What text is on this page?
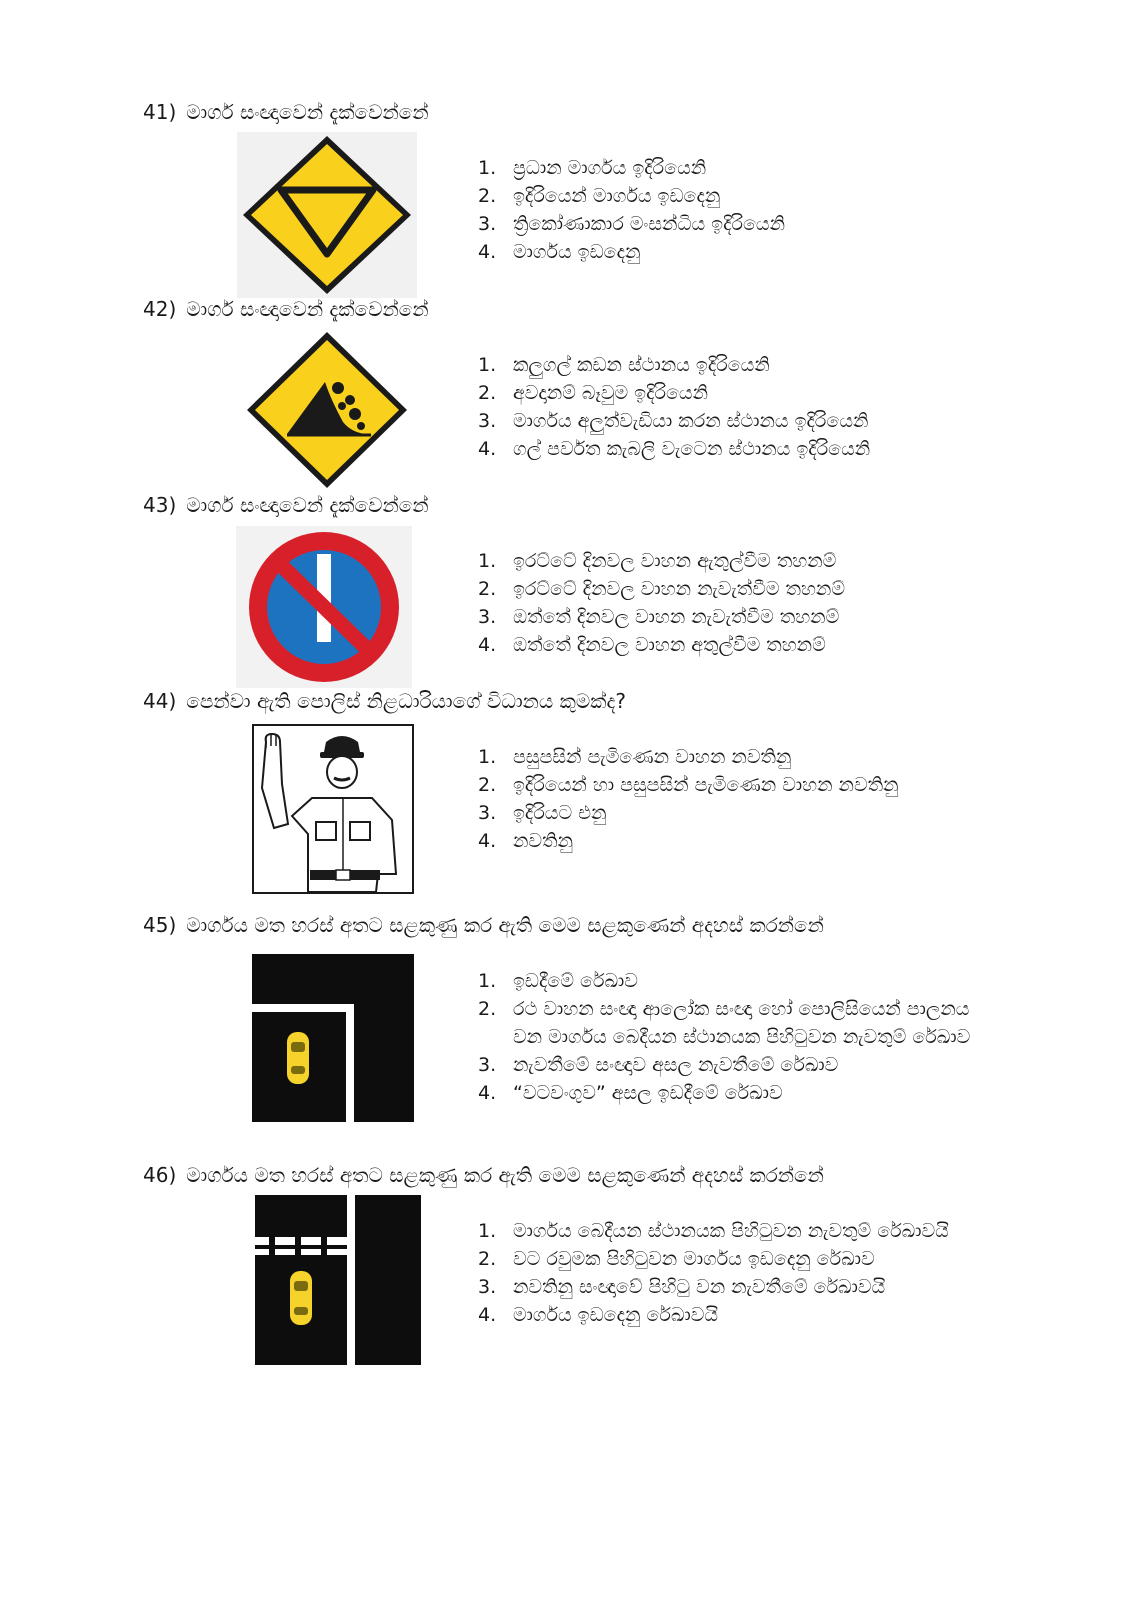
41) මාර්ග සංඥාවෙන් දැක්වෙන්නේ
1. ප්‍රධාන මාර්ගය ඉදිරියෙනි
2. ඉදිරියෙන් මාර්ගය ඉඩදෙනු
3. ත්‍රිකෝණාකාර මංසන්ධිය ඉදිරියෙනි
4. මාර්ගය ඉඩදෙනු
42) මාර්ග සංඥාවෙන් දැක්වෙන්නේ
1. කලුගල් කඩන ස්ථානය ඉදිරියෙනි
2. අවදානම් බෑවුම ඉදිරියෙනි
3. මාර්ගය අලුත්වැඩියා කරන ස්ථානය ඉදිරියෙනි
4. ගල් පර්වත කැබලි වැටෙන ස්ථානය ඉදිරියෙනි
43) මාර්ග සංඥාවෙන් දැක්වෙන්නේ
1. ඉරට්ටේ දිනවල වාහන ඇතුල්වීම තහනම්
2. ඉරට්ටේ දිනවල වාහන නැවැත්වීම තහනම්
3. ඔත්තේ දිනවල වාහන නැවැත්වීම තහනම්
4. ඔත්තේ දිනවල වාහන අතුල්වීම තහනම්
44) පෙන්වා ඇති පොලිස් නිළධාරියාගේ විධානය කුමක්ද?
1. පසුපසින් පැමිණෙන වාහන නවතිනු
2. ඉදිරියෙන් හා පසුපසින් පැමිණෙන වාහන නවතිනු
3. ඉදිරියට එනු
4. නවතිනු
45) මාර්ගය මත හරස් අතට සළකුණු කර ඇති මෙම සළකුණෙන් අදහස් කරන්නේ
1. ඉඩදීමේ රේඛාව
2. රථ වාහන සංඥා ආලෝක සංඥා හෝ පොලිසියෙන් පාලනය වන මාර්ගය බෙදීයන ස්ථානයක පිහිටුවන නැවතුම් රේඛාව
3. නැවතීමේ සංඥාව අසල නැවතීමේ රේඛාව
4. “වටවංගුව” අසල ඉඩදීමේ රේඛාව
46) මාර්ගය මත හරස් අතට සළකුණු කර ඇති මෙම සළකුණෙන් අදහස් කරන්නේ
1. මාර්ගය බෙදීයන ස්ථානයක පිහිටුවන නැවතුම් රේඛාවයි
2. වට රවුමක පිහිටුවන මාර්ගය ඉඩදෙනු රේඛාව
3. නවතිනු සංඥාවේ පිහිටු වන නැවතීමේ රේඛාවයි
4. මාර්ගය ඉඩදෙනු රේඛාවයි
